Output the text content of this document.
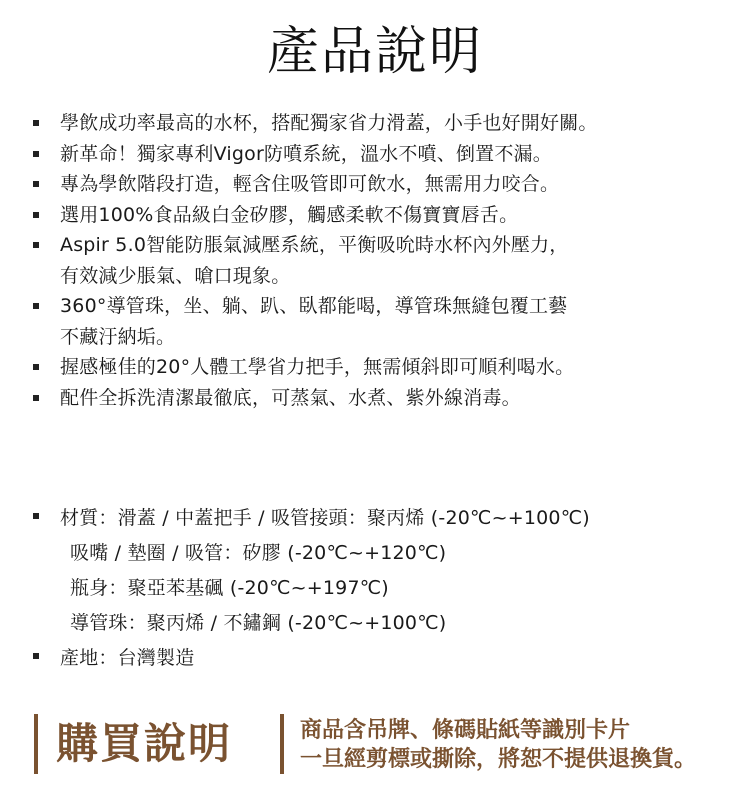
產品說明
學飲成功率最高的水杯，搭配獨家省力滑蓋，小手也好開好關。
新革命！獨家專利Vigor防噴系統，溫水不噴、倒置不漏。
專為學飲階段打造，輕含住吸管即可飲水，無需用力咬合。
選用100%食品級白金矽膠，觸感柔軟不傷寶寶唇舌。
Aspir 5.0智能防脹氣減壓系統，平衡吸吮時水杯內外壓力，
有效減少脹氣、嗆口現象。
360°導管珠，坐、躺、趴、臥都能喝，導管珠無縫包覆工藝
不藏汙納垢。
握感極佳的20°人體工學省力把手，無需傾斜即可順利喝水。
配件全拆洗清潔最徹底，可蒸氣、水煮、紫外線消毒。
材質：滑蓋 / 中蓋把手 / 吸管接頭：聚丙烯 (-20℃~+100℃)
吸嘴 / 墊圈 / 吸管：矽膠 (-20℃~+120℃)
瓶身：聚亞苯基碸 (-20℃~+197℃)
導管珠：聚丙烯 / 不鏽鋼 (-20℃~+100℃)
產地：台灣製造
購買說明	商品含吊牌、條碼貼紙等識別卡片
一旦經剪標或撕除，將恕不提供退換貨。
